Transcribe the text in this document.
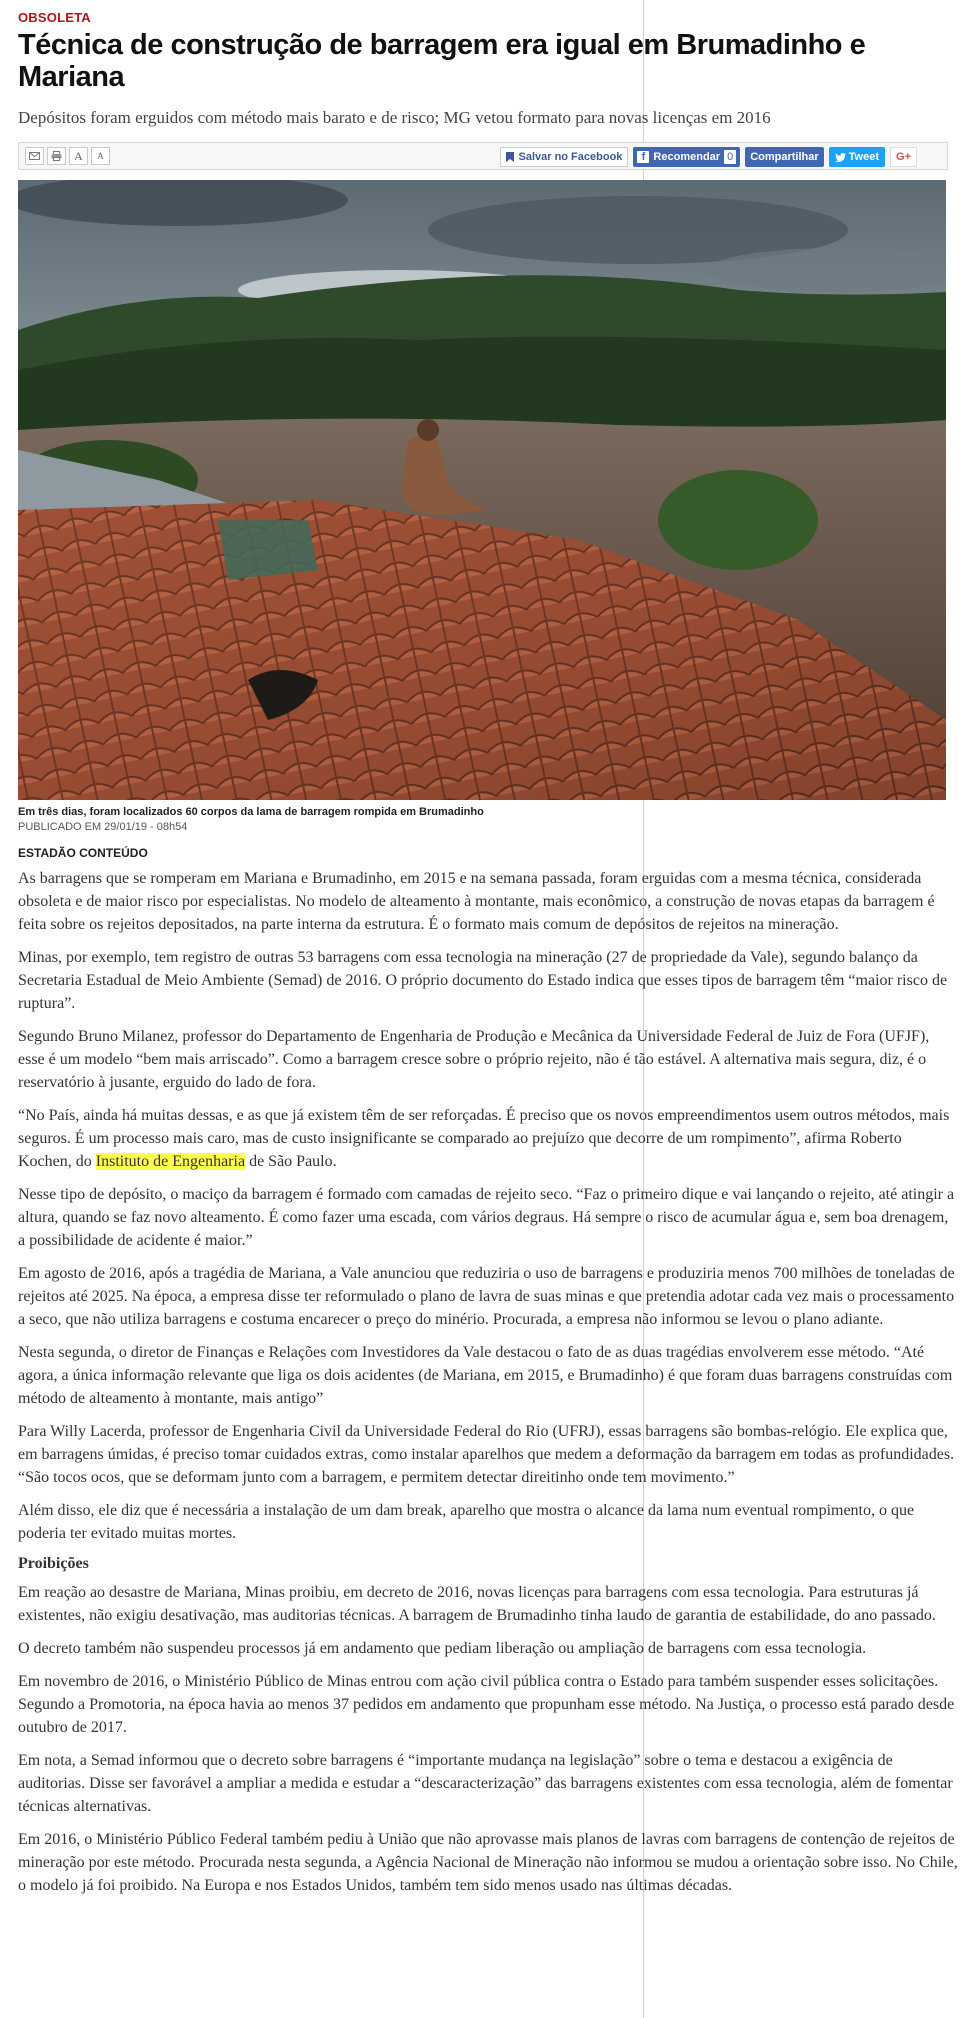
OBSOLETA
Técnica de construção de barragem era igual em Brumadinho e Mariana
Depósitos foram erguidos com método mais barato e de risco; MG vetou formato para novas licenças em 2016
A	A	Salvar no Facebook	f Recomendar 0	Compartilhar	Tweet	G+
Em três dias, foram localizados 60 corpos da lama de barragem rompida em Brumadinho
PUBLICADO EM 29/01/19 - 08h54
ESTADÃO CONTEÚDO

As barragens que se romperam em Mariana e Brumadinho, em 2015 e na semana passada, foram erguidas com a mesma técnica, considerada obsoleta e de maior risco por especialistas. No modelo de alteamento à montante, mais econômico, a construção de novas etapas da barragem é feita sobre os rejeitos depositados, na parte interna da estrutura. É o formato mais comum de depósitos de rejeitos na mineração.

Minas, por exemplo, tem registro de outras 53 barragens com essa tecnologia na mineração (27 de propriedade da Vale), segundo balanço da Secretaria Estadual de Meio Ambiente (Semad) de 2016. O próprio documento do Estado indica que esses tipos de barragem têm “maior risco de ruptura”.

Segundo Bruno Milanez, professor do Departamento de Engenharia de Produção e Mecânica da Universidade Federal de Juiz de Fora (UFJF), esse é um modelo “bem mais arriscado”. Como a barragem cresce sobre o próprio rejeito, não é tão estável. A alternativa mais segura, diz, é o reservatório à jusante, erguido do lado de fora.

“No País, ainda há muitas dessas, e as que já existem têm de ser reforçadas. É preciso que os novos empreendimentos usem outros métodos, mais seguros. É um processo mais caro, mas de custo insignificante se comparado ao prejuízo que decorre de um rompimento”, afirma Roberto Kochen, do Instituto de Engenharia de São Paulo.

Nesse tipo de depósito, o maciço da barragem é formado com camadas de rejeito seco. “Faz o primeiro dique e vai lançando o rejeito, até atingir a altura, quando se faz novo alteamento. É como fazer uma escada, com vários degraus. Há sempre o risco de acumular água e, sem boa drenagem, a possibilidade de acidente é maior.”

Em agosto de 2016, após a tragédia de Mariana, a Vale anunciou que reduziria o uso de barragens e produziria menos 700 milhões de toneladas de rejeitos até 2025. Na época, a empresa disse ter reformulado o plano de lavra de suas minas e que pretendia adotar cada vez mais o processamento a seco, que não utiliza barragens e costuma encarecer o preço do minério. Procurada, a empresa não informou se levou o plano adiante.

Nesta segunda, o diretor de Finanças e Relações com Investidores da Vale destacou o fato de as duas tragédias envolverem esse método. “Até agora, a única informação relevante que liga os dois acidentes (de Mariana, em 2015, e Brumadinho) é que foram duas barragens construídas com método de alteamento à montante, mais antigo”

Para Willy Lacerda, professor de Engenharia Civil da Universidade Federal do Rio (UFRJ), essas barragens são bombas-relógio. Ele explica que, em barragens úmidas, é preciso tomar cuidados extras, como instalar aparelhos que medem a deformação da barragem em todas as profundidades. “São tocos ocos, que se deformam junto com a barragem, e permitem detectar direitinho onde tem movimento.”

Além disso, ele diz que é necessária a instalação de um dam break, aparelho que mostra o alcance da lama num eventual rompimento, o que poderia ter evitado muitas mortes.

Proibições

Em reação ao desastre de Mariana, Minas proibiu, em decreto de 2016, novas licenças para barragens com essa tecnologia. Para estruturas já existentes, não exigiu desativação, mas auditorias técnicas. A barragem de Brumadinho tinha laudo de garantia de estabilidade, do ano passado.

O decreto também não suspendeu processos já em andamento que pediam liberação ou ampliação de barragens com essa tecnologia.

Em novembro de 2016, o Ministério Público de Minas entrou com ação civil pública contra o Estado para também suspender esses solicitações. Segundo a Promotoria, na época havia ao menos 37 pedidos em andamento que propunham esse método. Na Justiça, o processo está parado desde outubro de 2017.

Em nota, a Semad informou que o decreto sobre barragens é “importante mudança na legislação” sobre o tema e destacou a exigência de auditorias. Disse ser favorável a ampliar a medida e estudar a “descaracterização” das barragens existentes com essa tecnologia, além de fomentar técnicas alternativas.

Em 2016, o Ministério Público Federal também pediu à União que não aprovasse mais planos de lavras com barragens de contenção de rejeitos de mineração por este método. Procurada nesta segunda, a Agência Nacional de Mineração não informou se mudou a orientação sobre isso. No Chile, o modelo já foi proibido. Na Europa e nos Estados Unidos, também tem sido menos usado nas últimas décadas.
